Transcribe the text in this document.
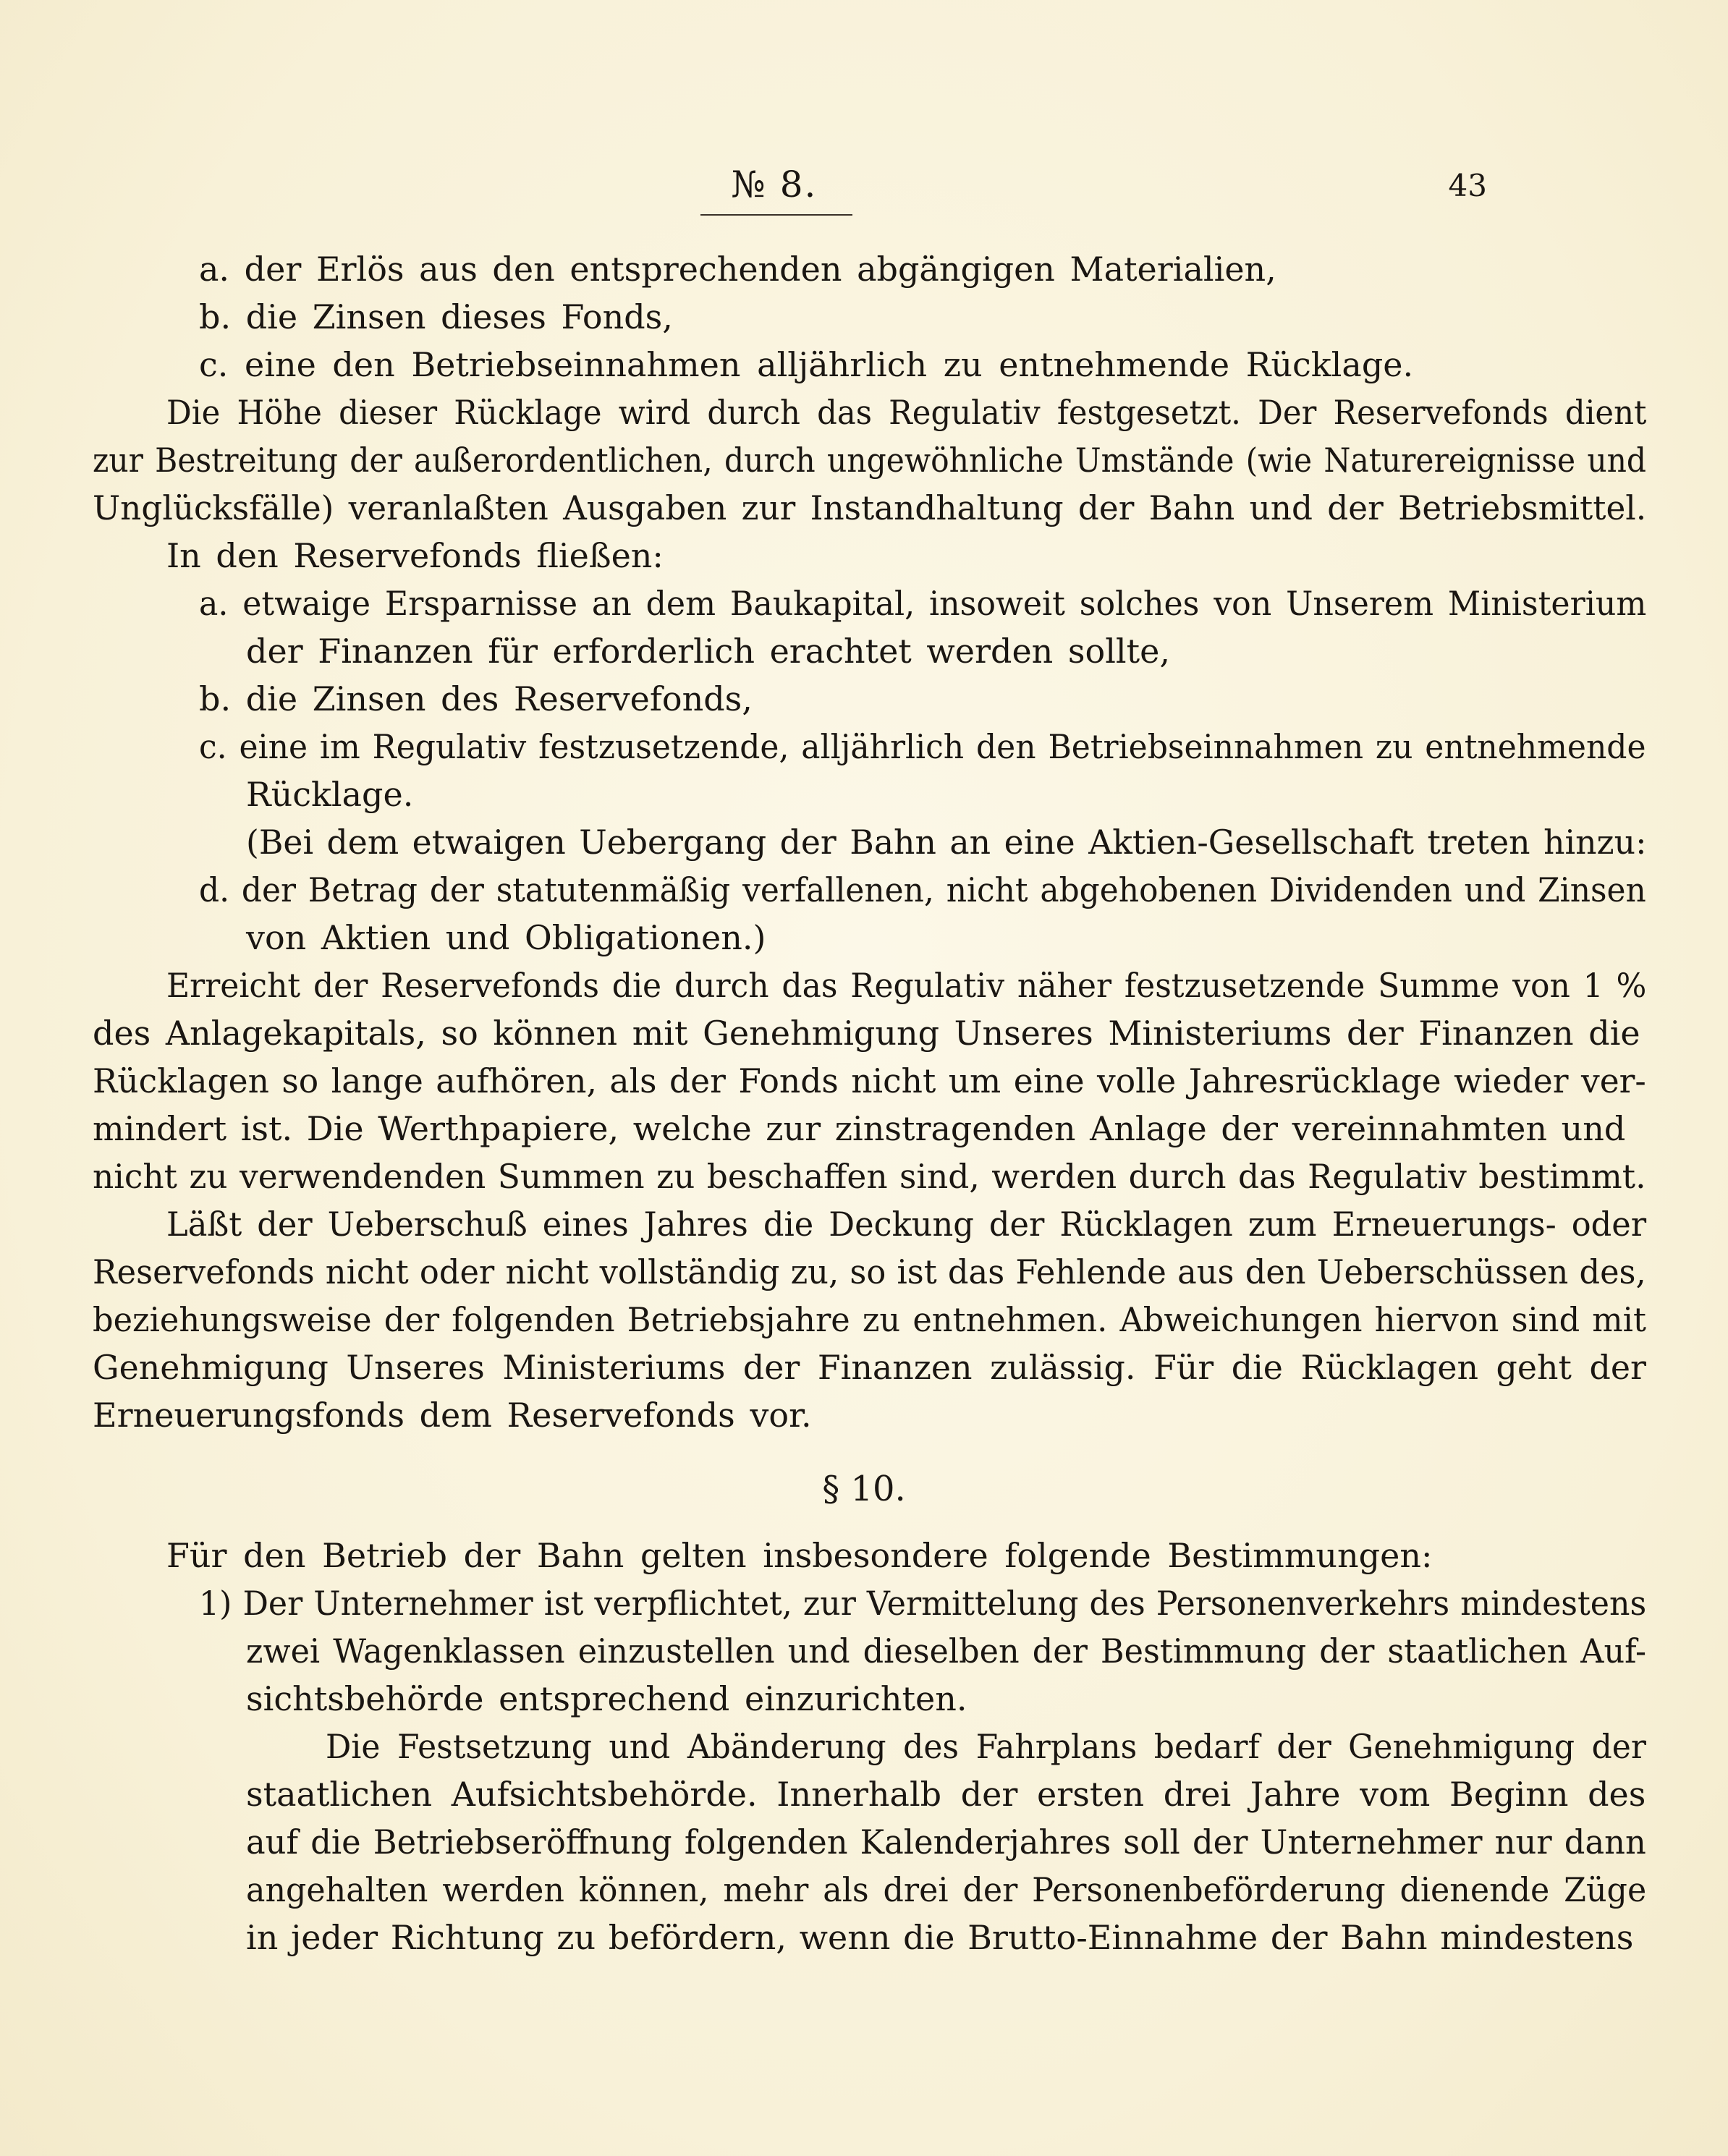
№ 8.	43
a. der Erlös aus den entsprechenden abgängigen Materialien,
b. die Zinsen dieses Fonds,
c. eine den Betriebseinnahmen alljährlich zu entnehmende Rücklage.
Die Höhe dieser Rücklage wird durch das Regulativ festgesetzt. Der Reservefonds dient
zur Bestreitung der außerordentlichen, durch ungewöhnliche Umstände (wie Naturereignisse und
Unglücksfälle) veranlaßten Ausgaben zur Instandhaltung der Bahn und der Betriebsmittel.
In den Reservefonds fließen:
a. etwaige Ersparnisse an dem Baukapital, insoweit solches von Unserem Ministerium
der Finanzen für erforderlich erachtet werden sollte,
b. die Zinsen des Reservefonds,
c. eine im Regulativ festzusetzende, alljährlich den Betriebseinnahmen zu entnehmende
Rücklage.
(Bei dem etwaigen Uebergang der Bahn an eine Aktien-Gesellschaft treten hinzu:
d. der Betrag der statutenmäßig verfallenen, nicht abgehobenen Dividenden und Zinsen
von Aktien und Obligationen.)
Erreicht der Reservefonds die durch das Regulativ näher festzusetzende Summe von 1 %
des Anlagekapitals, so können mit Genehmigung Unseres Ministeriums der Finanzen die
Rücklagen so lange aufhören, als der Fonds nicht um eine volle Jahresrücklage wieder ver-
mindert ist. Die Werthpapiere, welche zur zinstragenden Anlage der vereinnahmten und
nicht zu verwendenden Summen zu beschaffen sind, werden durch das Regulativ bestimmt.
Läßt der Ueberschuß eines Jahres die Deckung der Rücklagen zum Erneuerungs- oder
Reservefonds nicht oder nicht vollständig zu, so ist das Fehlende aus den Ueberschüssen des,
beziehungsweise der folgenden Betriebsjahre zu entnehmen. Abweichungen hiervon sind mit
Genehmigung Unseres Ministeriums der Finanzen zulässig. Für die Rücklagen geht der
Erneuerungsfonds dem Reservefonds vor.
§ 10.
Für den Betrieb der Bahn gelten insbesondere folgende Bestimmungen:
1) Der Unternehmer ist verpflichtet, zur Vermittelung des Personenverkehrs mindestens
zwei Wagenklassen einzustellen und dieselben der Bestimmung der staatlichen Auf-
sichtsbehörde entsprechend einzurichten.
Die Festsetzung und Abänderung des Fahrplans bedarf der Genehmigung der
staatlichen Aufsichtsbehörde. Innerhalb der ersten drei Jahre vom Beginn des
auf die Betriebseröffnung folgenden Kalenderjahres soll der Unternehmer nur dann
angehalten werden können, mehr als drei der Personenbeförderung dienende Züge
in jeder Richtung zu befördern, wenn die Brutto-Einnahme der Bahn mindestens
